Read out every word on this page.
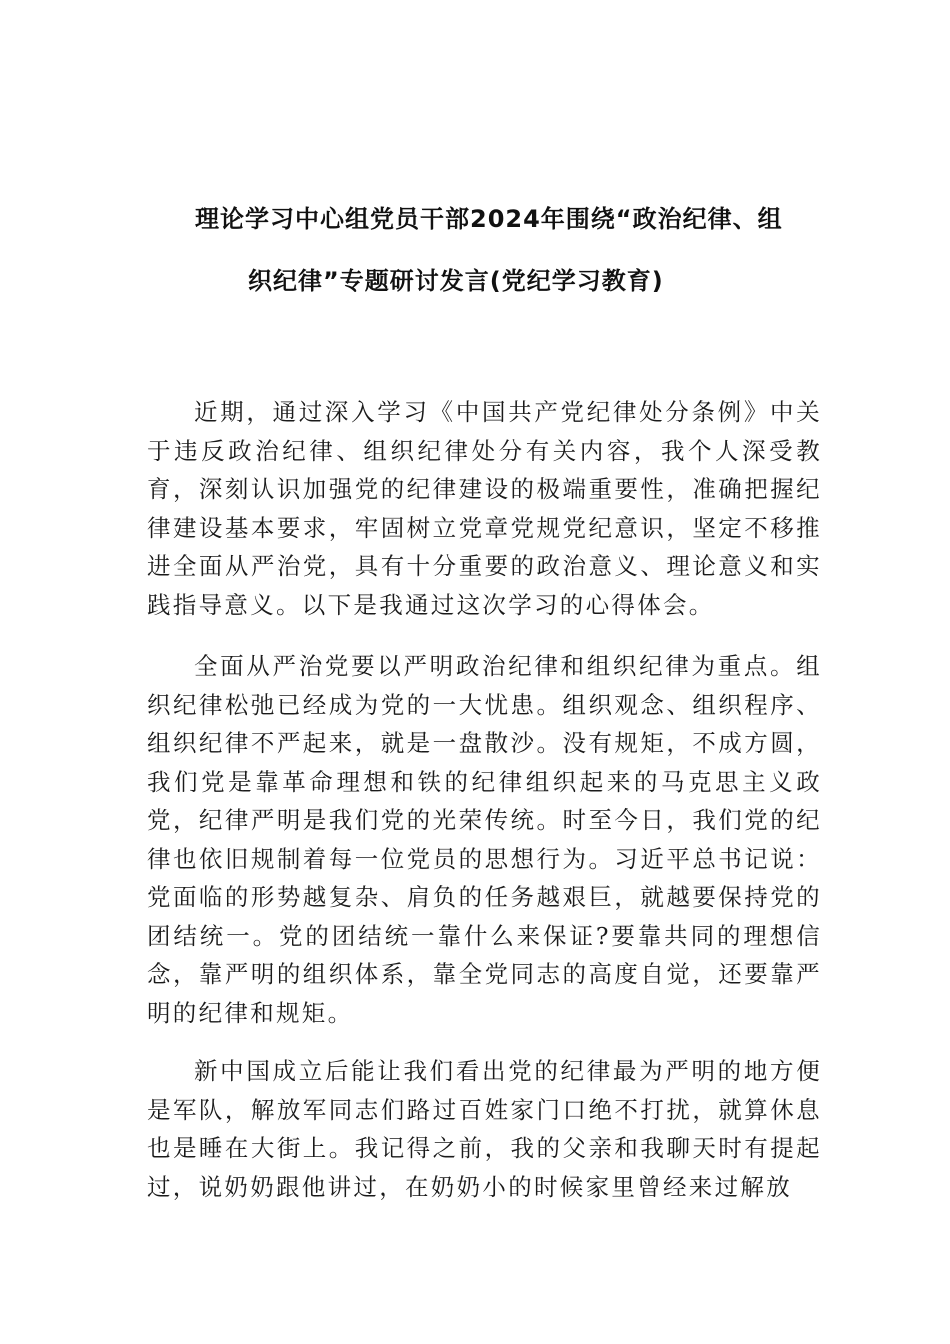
理论学习中心组党员干部2024年围绕“政治纪律、组
织纪律”专题研讨发言(党纪学习教育)

近期，通过深入学习《中国共产党纪律处分条例》中关于违反政治纪律、组织纪律处分有关内容，我个人深受教育，深刻认识加强党的纪律建设的极端重要性，准确把握纪律建设基本要求，牢固树立党章党规党纪意识，坚定不移推进全面从严治党，具有十分重要的政治意义、理论意义和实践指导意义。以下是我通过这次学习的心得体会。

全面从严治党要以严明政治纪律和组织纪律为重点。组织纪律松弛已经成为党的一大忧患。组织观念、组织程序、组织纪律不严起来，就是一盘散沙。没有规矩，不成方圆，我们党是靠革命理想和铁的纪律组织起来的马克思主义政党，纪律严明是我们党的光荣传统。时至今日，我们党的纪律也依旧规制着每一位党员的思想行为。习近平总书记说：党面临的形势越复杂、肩负的任务越艰巨，就越要保持党的团结统一。党的团结统一靠什么来保证?要靠共同的理想信念，靠严明的组织体系，靠全党同志的高度自觉，还要靠严明的纪律和规矩。

新中国成立后能让我们看出党的纪律最为严明的地方便是军队，解放军同志们路过百姓家门口绝不打扰，就算休息也是睡在大街上。我记得之前，我的父亲和我聊天时有提起过，说奶奶跟他讲过，在奶奶小的时候家里曾经来过解放
